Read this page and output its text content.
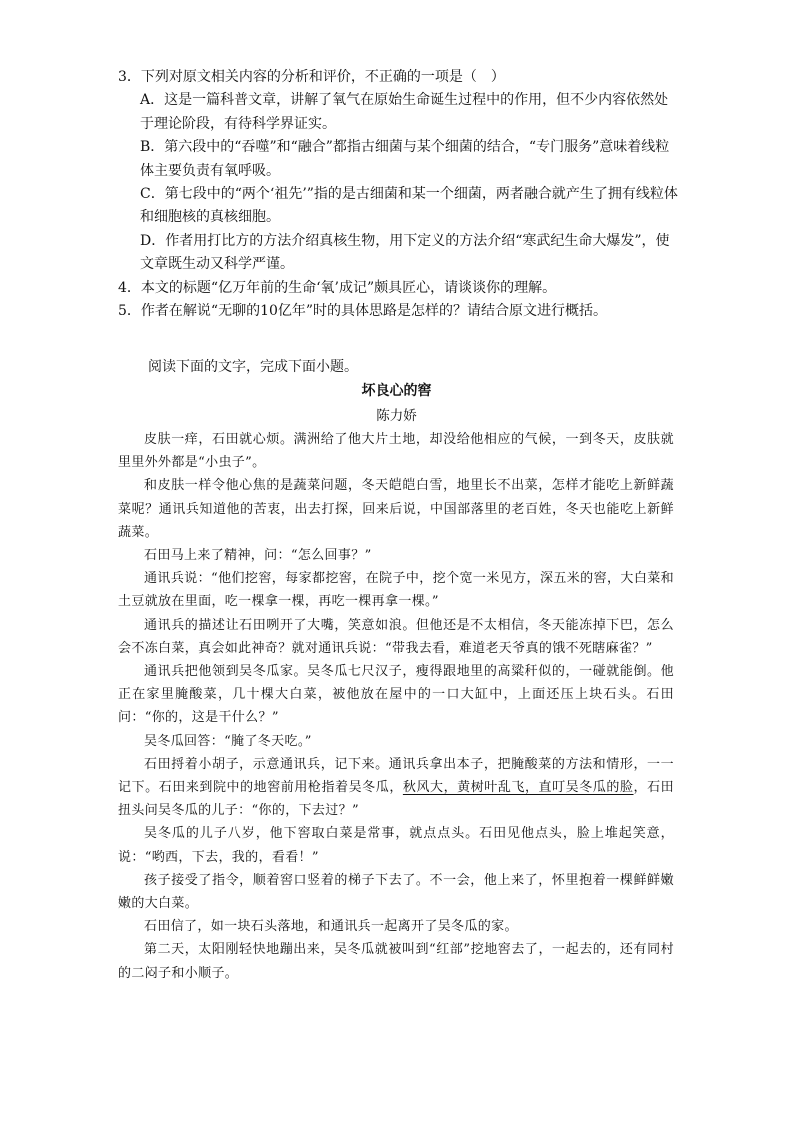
3．下列对原文相关内容的分析和评价，不正确的一项是（　）

A．这是一篇科普文章，讲解了氧气在原始生命诞生过程中的作用，但不少内容依然处于理论阶段，有待科学界证实。

B．第六段中的“吞噬”和“融合”都指古细菌与某个细菌的结合，“专门服务”意味着线粒体主要负责有氧呼吸。

C．第七段中的“两个‘祖先’”指的是古细菌和某一个细菌，两者融合就产生了拥有线粒体和细胞核的真核细胞。

D．作者用打比方的方法介绍真核生物，用下定义的方法介绍“寒武纪生命大爆发”，使文章既生动又科学严谨。

4．本文的标题“亿万年前的生命‘氧’成记”颇具匠心，请谈谈你的理解。

5．作者在解说“无聊的10亿年”时的具体思路是怎样的？请结合原文进行概括。

阅读下面的文字，完成下面小题。
坏良心的窖
陈力娇

皮肤一痒，石田就心烦。满洲给了他大片土地，却没给他相应的气候，一到冬天，皮肤就里里外外都是“小虫子”。

和皮肤一样令他心焦的是蔬菜问题，冬天皑皑白雪，地里长不出菜，怎样才能吃上新鲜蔬菜呢？通讯兵知道他的苦衷，出去打探，回来后说，中国部落里的老百姓，冬天也能吃上新鲜蔬菜。

石田马上来了精神，问：“怎么回事？”

通讯兵说：“他们挖窖，每家都挖窖，在院子中，挖个宽一米见方，深五米的窖，大白菜和土豆就放在里面，吃一棵拿一棵，再吃一棵再拿一棵。”

通讯兵的描述让石田咧开了大嘴，笑意如浪。但他还是不太相信，冬天能冻掉下巴，怎么会不冻白菜，真会如此神奇？就对通讯兵说：“带我去看，难道老天爷真的饿不死瞎麻雀？”

通讯兵把他领到吴冬瓜家。吴冬瓜七尺汉子，瘦得跟地里的高粱秆似的，一碰就能倒。他正在家里腌酸菜，几十棵大白菜，被他放在屋中的一口大缸中，上面还压上块石头。石田问：“你的，这是干什么？”

吴冬瓜回答：“腌了冬天吃。”

石田捋着小胡子，示意通讯兵，记下来。通讯兵拿出本子，把腌酸菜的方法和情形，一一记下。石田来到院中的地窖前用枪指着吴冬瓜，秋风大，黄树叶乱飞，直叮吴冬瓜的脸，石田扭头问吴冬瓜的儿子：“你的，下去过？”

吴冬瓜的儿子八岁，他下窖取白菜是常事，就点点头。石田见他点头，脸上堆起笑意，说：“哟西，下去，我的，看看！”

孩子接受了指令，顺着窖口竖着的梯子下去了。不一会，他上来了，怀里抱着一棵鲜鲜嫩嫩的大白菜。

石田信了，如一块石头落地，和通讯兵一起离开了吴冬瓜的家。

第二天，太阳刚轻快地蹦出来，吴冬瓜就被叫到“红部”挖地窖去了，一起去的，还有同村的二闷子和小顺子。
